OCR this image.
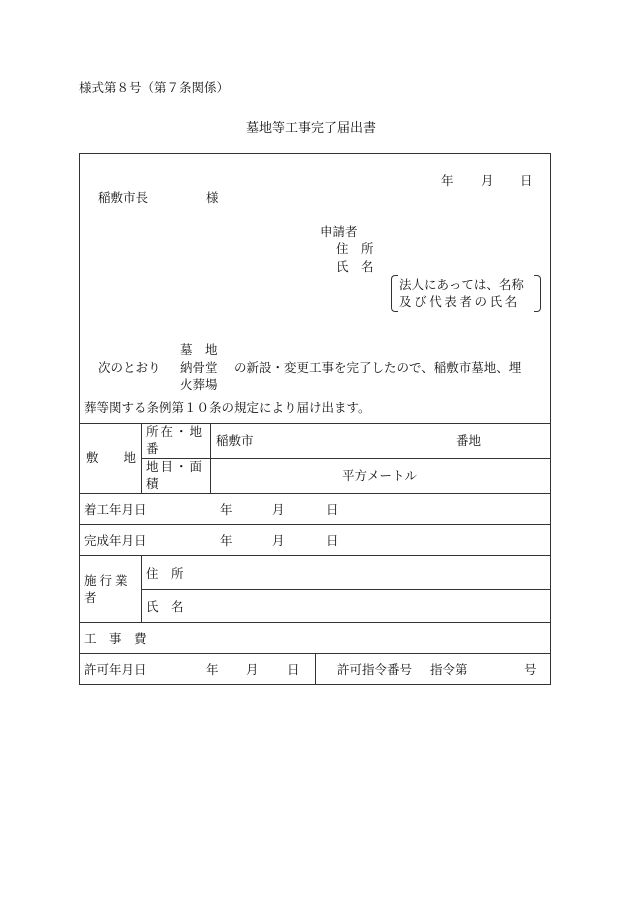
様式第８号（第７条関係）
墓地等工事完了届出書
年 月 日
稲敷市長	様
申請者
住　所
氏　名
法人にあっては、名称
及び代表者の氏名
墓　地
次のとおり 納骨堂 の新設・変更工事を完了したので、稲敷市墓地、埋
火葬場
葬等関する条例第１０条の規定により届け出ます。
敷　　地
所在・地
番
稲敷市	番地
地目・面
積
平方メートル
着工年月日	年	月	日
完成年月日	年	月	日
施行業
者
住　所
氏　名
工　事　費
許可年月日	年 月 日	許可指令番号 指令第	号
